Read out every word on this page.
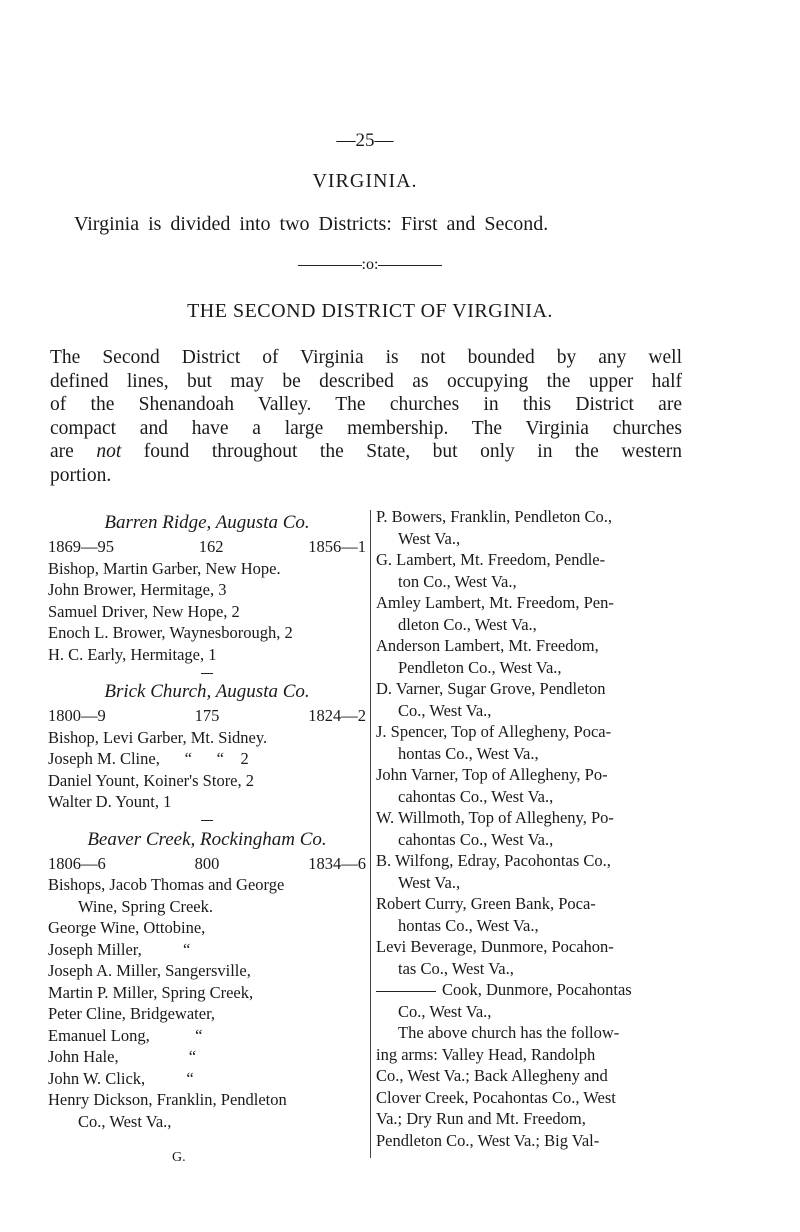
—25—
VIRGINIA.
Virginia is divided into two Districts: First and Second.
:o:
THE SECOND DISTRICT OF VIRGINIA.
The Second District of Virginia is not bounded by any well
defined lines, but may be described as occupying the upper half
of the Shenandoah Valley. The churches in this District are
compact and have a large membership. The Virginia churches
are not found throughout the State, but only in the western
portion.
Barren Ridge, Augusta Co.
1869—95	162	1856—1
Bishop, Martin Garber, New Hope.
John Brower, Hermitage, 3
Samuel Driver, New Hope, 2
Enoch L. Brower, Waynesborough, 2
H. C. Early, Hermitage, 1
Brick Church, Augusta Co.
1800—9	175	1824—2
Bishop, Levi Garber, Mt. Sidney.
Joseph M. Cline,      “      “    2
Daniel Yount, Koiner's Store, 2
Walter D. Yount, 1
Beaver Creek, Rockingham Co.
1806—6	800	1834—6
Bishops, Jacob Thomas and George
Wine, Spring Creek.
George Wine, Ottobine,
Joseph Miller,          “
Joseph A. Miller, Sangersville,
Martin P. Miller, Spring Creek,
Peter Cline, Bridgewater,
Emanuel Long,           “
John Hale,                 “
John W. Click,          “
Henry Dickson, Franklin, Pendleton
Co., West Va.,
P. Bowers, Franklin, Pendleton Co.,
West Va.,
G. Lambert, Mt. Freedom, Pendle-
ton Co., West Va.,
Amley Lambert, Mt. Freedom, Pen-
dleton Co., West Va.,
Anderson Lambert, Mt. Freedom,
Pendleton Co., West Va.,
D. Varner, Sugar Grove, Pendleton
Co., West Va.,
J. Spencer, Top of Allegheny, Poca-
hontas Co., West Va.,
John Varner, Top of Allegheny, Po-
cahontas Co., West Va.,
W. Willmoth, Top of Allegheny, Po-
cahontas Co., West Va.,
B. Wilfong, Edray, Pacohontas Co.,
West Va.,
Robert Curry, Green Bank, Poca-
hontas Co., West Va.,
Levi Beverage, Dunmore, Pocahon-
tas Co., West Va.,
Cook, Dunmore, Pocahontas
Co., West Va.,
The above church has the follow-
ing arms: Valley Head, Randolph
Co., West Va.; Back Allegheny and
Clover Creek, Pocahontas Co., West
Va.; Dry Run and Mt. Freedom,
Pendleton Co., West Va.; Big Val-
G.
